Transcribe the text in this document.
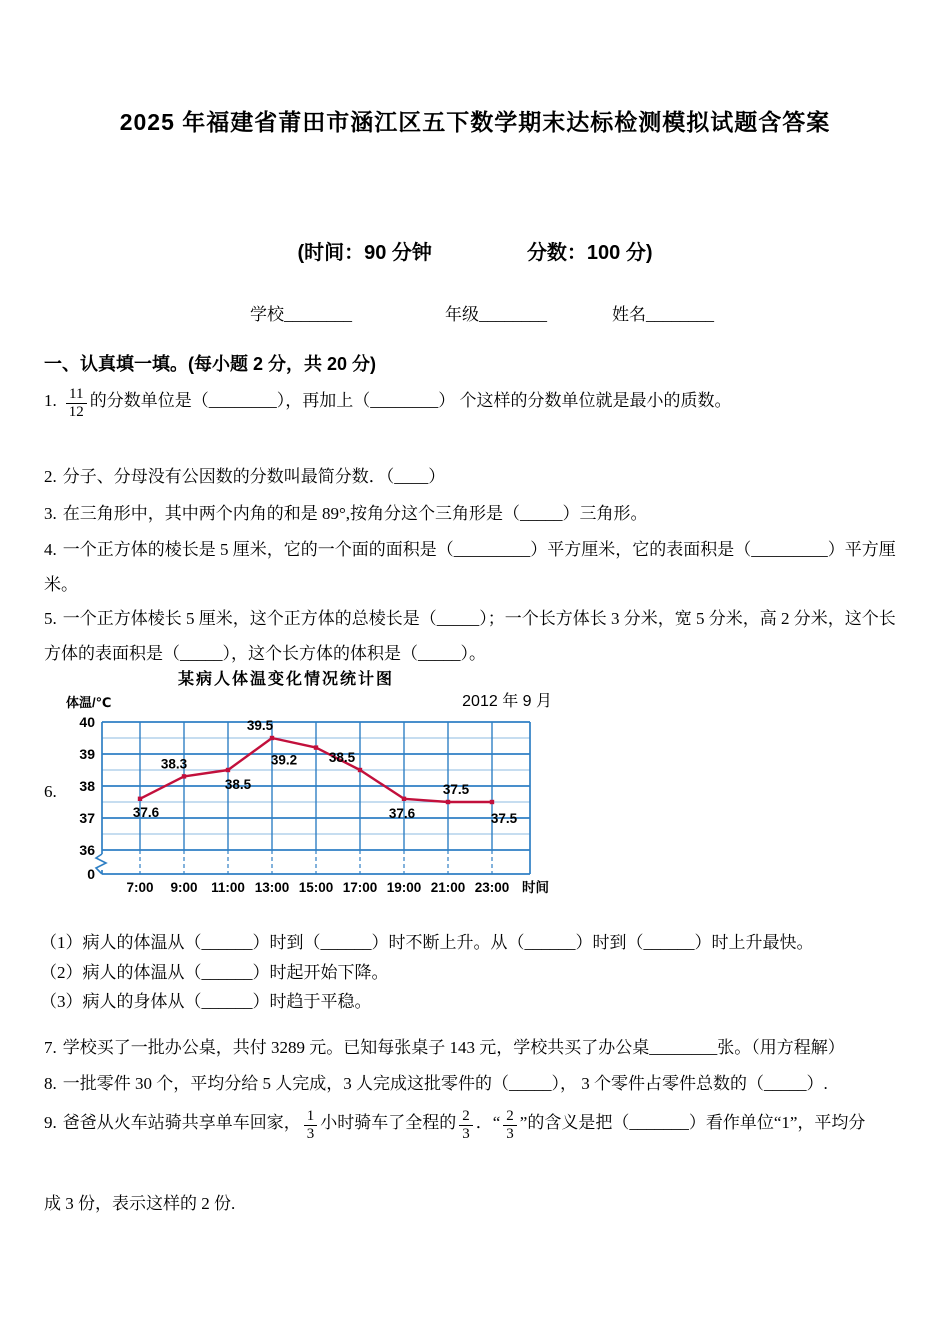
2025 年福建省莆田市涵江区五下数学期末达标检测模拟试题含答案
(时间：90 分钟	分数：100 分)
学校________	年级________	姓名________
一、认真填一填。(每小题 2 分，共 20 分)
1. $\frac{11}{12}$ 的分数单位是（________），再加上（________） 个这样的分数单位就是最小的质数。
2. 分子、分母没有公因数的分数叫最简分数．（____）
3. 在三角形中，其中两个内角的和是 89°,按角分这个三角形是（_____）三角形。
4. 一个正方体的棱长是 5 厘米，它的一个面的面积是（_________）平方厘米，它的表面积是（_________）平方厘米。
5. 一个正方体棱长 5 厘米，这个正方体的总棱长是（_____）；一个长方体长 3 分米，宽 5 分米，高 2 分米，这个长方体的表面积是（_____），这个长方体的体积是（_____）。
6.
某病人体温变化情况统计图
体温/℃	2012 年 9 月
40
39
38
37
36
0
7:00 9:00 11:00 13:00 15:00 17:00 19:00 21:00 23:00 时间
37.6
38.3
38.5
39.5
39.2 38.5
37.6
37.5
37.5
（1）病人的体温从（______）时到（______）时不断上升。从（______）时到（______）时上升最快。
（2）病人的体温从（______）时起开始下降。
（3）病人的身体从（______）时趋于平稳。
7. 学校买了一批办公桌，共付 3289 元。已知每张桌子 143 元，学校共买了办公桌________张。（用方程解）
8. 一批零件 30 个，平均分给 5 人完成，3 人完成这批零件的（_____）， 3 个零件占零件总数的（_____）.
9. 爸爸从火车站骑共享单车回家， $\frac{1}{3}$ 小时骑车了全程的 $\frac{2}{3}$ ．“ $\frac{2}{3}$ ”的含义是把（_______）看作单位“1”，平均分
成 3 份，表示这样的 2 份.
